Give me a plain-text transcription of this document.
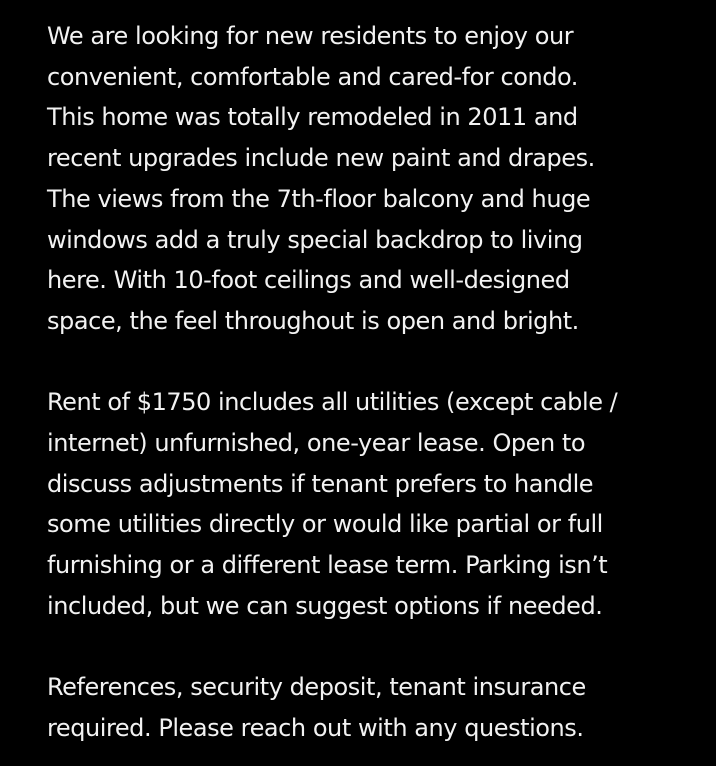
We are looking for new residents to enjoy our
convenient, comfortable and cared-for condo.
This home was totally remodeled in 2011 and
recent upgrades include new paint and drapes.
The views from the 7th-floor balcony and huge
windows add a truly special backdrop to living
here. With 10-foot ceilings and well-designed
space, the feel throughout is open and bright.

Rent of $1750 includes all utilities (except cable /
internet) unfurnished, one-year lease. Open to
discuss adjustments if tenant prefers to handle
some utilities directly or would like partial or full
furnishing or a different lease term. Parking isn’t
included, but we can suggest options if needed.

References, security deposit, tenant insurance
required. Please reach out with any questions.
